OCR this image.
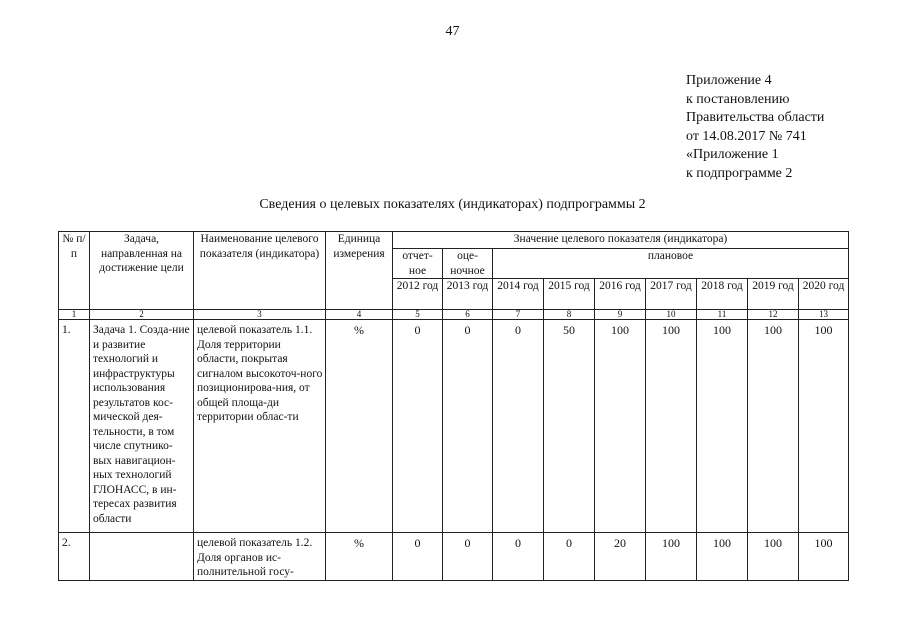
47
Приложение 4
к постановлению
Правительства области
от 14.08.2017 № 741
«Приложение 1
к подпрограмме 2
Сведения о целевых показателях (индикаторах) подпрограммы 2
№ п/п	Задача, направленная на достижение цели	Наименование целевого показателя (индикатора)	Единица измерения	Значение целевого показателя (индикатора)								
				отчет-ное	оце-ночное	плановое						
				2012 год	2013 год	2014 год	2015 год	2016 год	2017 год	2018 год	2019 год	2020 год
1	2	3	4	5	6	7	8	9	10	11	12	13
1.	Задача 1. Созда-ние и развитие технологий и инфраструктуры использования результатов кос-мической дея-тельности, в том числе спутнико-вых навигацион-ных технологий ГЛОНАСС, в ин-тересах развития области	целевой показатель 1.1. Доля территории области, покрытая сигналом высокоточ-ного позиционирова-ния, от общей площа-ди территории облас-ти	%	0	0	0	50	100	100	100	100	100
2.		целевой показатель 1.2. Доля органов ис-полнительной госу-	%	0	0	0	0	20	100	100	100	100
